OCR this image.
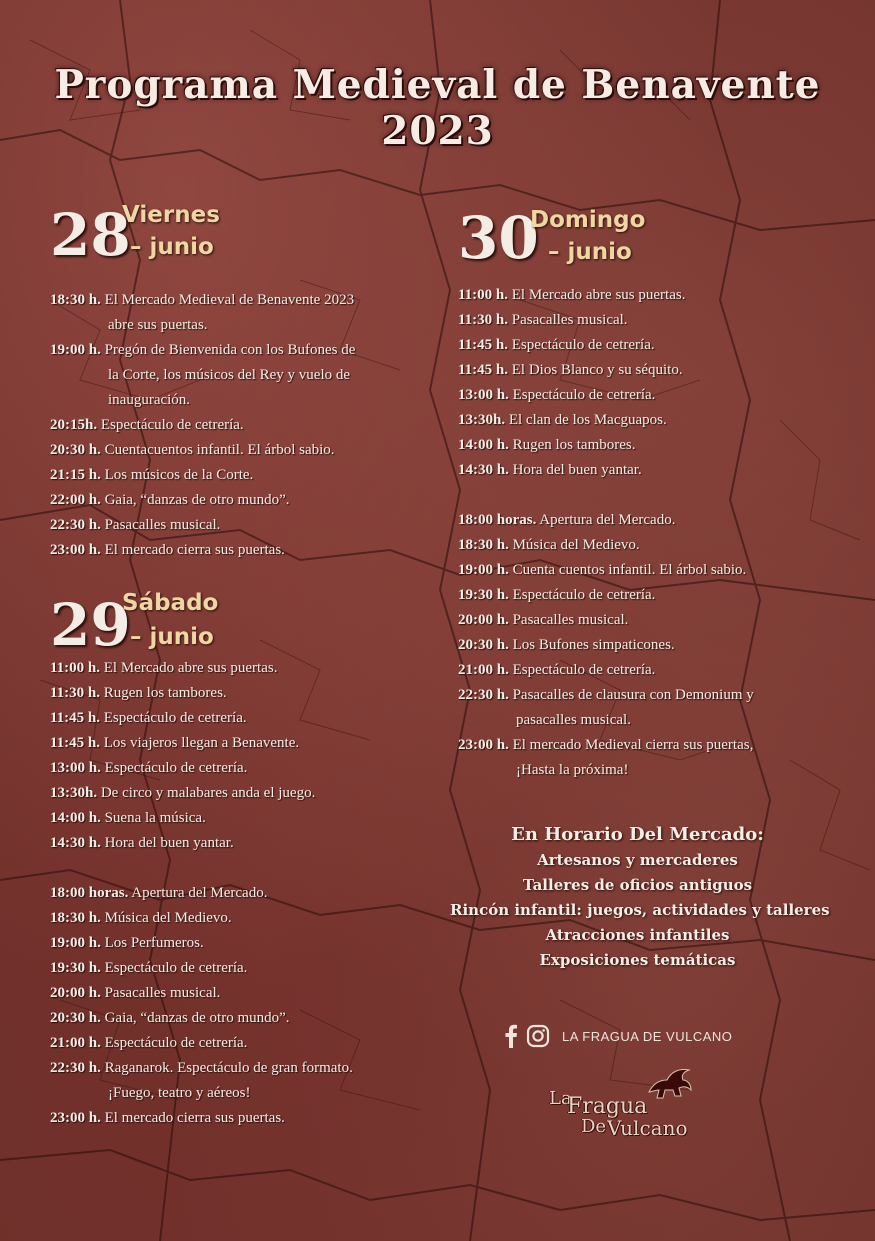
Programa Medieval de Benavente 2023
28
Viernes
– junio
18:30 h. El Mercado Medieval de Benavente 2023
abre sus puertas.
19:00 h. Pregón de Bienvenida con los Bufones de
la Corte, los músicos del Rey y vuelo de
inauguración.
20:15h. Espectáculo de cetrería.
20:30 h. Cuentacuentos infantil. El árbol sabio.
21:15 h. Los músicos de la Corte.
22:00 h. Gaia, “danzas de otro mundo”.
22:30 h. Pasacalles musical.
23:00 h. El mercado cierra sus puertas.
29
Sábado
– junio
11:00 h. El Mercado abre sus puertas.
11:30 h. Rugen los tambores.
11:45 h. Espectáculo de cetrería.
11:45 h. Los viajeros llegan a Benavente.
13:00 h. Espectáculo de cetrería.
13:30h. De circo y malabares anda el juego.
14:00 h. Suena la música.
14:30 h. Hora del buen yantar.
18:00 horas. Apertura del Mercado.
18:30 h. Música del Medievo.
19:00 h. Los Perfumeros.
19:30 h. Espectáculo de cetrería.
20:00 h. Pasacalles musical.
20:30 h. Gaia, “danzas de otro mundo”.
21:00 h. Espectáculo de cetrería.
22:30 h. Raganarok. Espectáculo de gran formato.
¡Fuego, teatro y aéreos!
23:00 h. El mercado cierra sus puertas.
30
Domingo
– junio
11:00 h. El Mercado abre sus puertas.
11:30 h. Pasacalles musical.
11:45 h. Espectáculo de cetrería.
11:45 h. El Dios Blanco y su séquito.
13:00 h. Espectáculo de cetrería.
13:30h. El clan de los Macguapos.
14:00 h. Rugen los tambores.
14:30 h. Hora del buen yantar.
18:00 horas. Apertura del Mercado.
18:30 h. Música del Medievo.
19:00 h. Cuenta cuentos infantil. El árbol sabio.
19:30 h. Espectáculo de cetrería.
20:00 h. Pasacalles musical.
20:30 h. Los Bufones simpaticones.
21:00 h. Espectáculo de cetrería.
22:30 h. Pasacalles de clausura con Demonium y
pasacalles musical.
23:00 h. El mercado Medieval cierra sus puertas,
¡Hasta la próxima!
En Horario Del Mercado:
Artesanos y mercaderes
Talleres de oficios antiguos
Rincón infantil: juegos, actividades y talleres
Atracciones infantiles
Exposiciones temáticas
LA FRAGUA DE VULCANO
La
Fragua
De Vulcano
